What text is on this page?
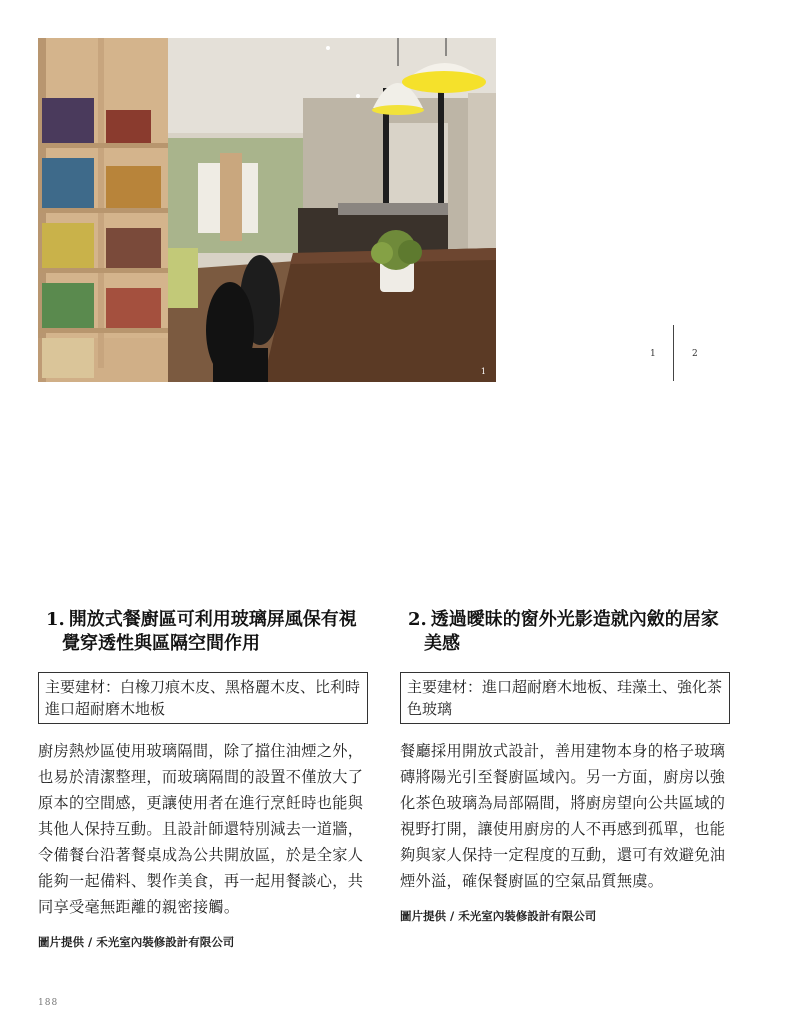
1
1	2
1. 開放式餐廚區可利用玻璃屏風保有視覺穿透性與區隔空間作用
主要建材：白橡刀痕木皮、黑格麗木皮、比利時進口超耐磨木地板

廚房熱炒區使用玻璃隔間，除了擋住油煙之外，也易於清潔整理，而玻璃隔間的設置不僅放大了原本的空間感，更讓使用者在進行烹飪時也能與其他人保持互動。且設計師還特別減去一道牆，令備餐台沿著餐桌成為公共開放區，於是全家人能夠一起備料、製作美食，再一起用餐談心，共同享受毫無距離的親密接觸。

圖片提供 / 禾光室內裝修設計有限公司
2. 透過曖昧的窗外光影造就內斂的居家美感
主要建材：進口超耐磨木地板、珪藻土、強化茶色玻璃

餐廳採用開放式設計，善用建物本身的格子玻璃磚將陽光引至餐廚區域內。另一方面，廚房以強化茶色玻璃為局部隔間，將廚房望向公共區域的視野打開，讓使用廚房的人不再感到孤單，也能夠與家人保持一定程度的互動，還可有效避免油煙外溢，確保餐廚區的空氣品質無虞。

圖片提供 / 禾光室內裝修設計有限公司
188
